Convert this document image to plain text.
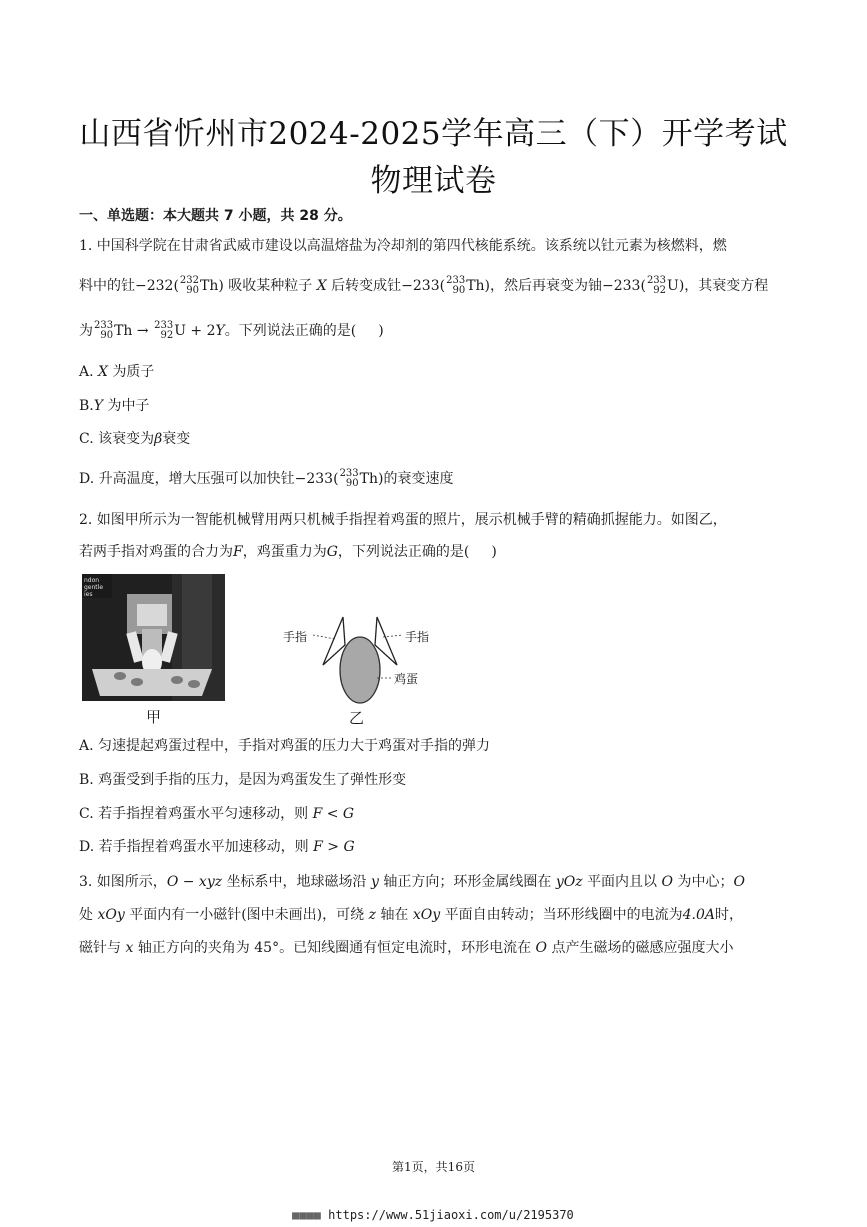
山西省忻州市2024-2025学年高三（下）开学考试
物理试卷
一、单选题：本大题共 7 小题，共 28 分。
1. 中国科学院在甘肃省武威市建设以高温熔盐为冷却剂的第四代核能系统。该系统以钍元素为核燃料，燃
料中的钍−232( 232
90 Th) 吸收某种粒子 X 后转变成钍−233( 233
90 Th)，然后再衰变为铀−233( 233
92 U)，其衰变方程
为 233
90 Th → 233
92 U + 2Y。下列说法正确的是( )
A. X 为质子
B.Y 为中子
C. 该衰变为β衰变
D. 升高温度，增大压强可以加快钍−233( 233
90 Th)的衰变速度
2. 如图甲所示为一智能机械臂用两只机械手指捏着鸡蛋的照片，展示机械手臂的精确抓握能力。如图乙，
若两手指对鸡蛋的合力为F，鸡蛋重力为G，下列说法正确的是( )
ndon
gentle
ies
甲
手指	手指
鸡蛋
乙
A. 匀速提起鸡蛋过程中，手指对鸡蛋的压力大于鸡蛋对手指的弹力
B. 鸡蛋受到手指的压力，是因为鸡蛋发生了弹性形变
C. 若手指捏着鸡蛋水平匀速移动，则 F < G
D. 若手指捏着鸡蛋水平加速移动，则 F > G
3. 如图所示，O − xyz 坐标系中，地球磁场沿 y 轴正方向；环形金属线圈在 yOz 平面内且以 O 为中心；O
处 xOy 平面内有一小磁针(图中未画出)，可绕 z 轴在 xOy 平面自由转动；当环形线圈中的电流为4.0A时，
磁针与 x 轴正方向的夹角为 45°。已知线圈通有恒定电流时，环形电流在 O 点产生磁场的磁感应强度大小
第1页，共16页
■■■■ https://www.51jiaoxi.com/u/2195370
